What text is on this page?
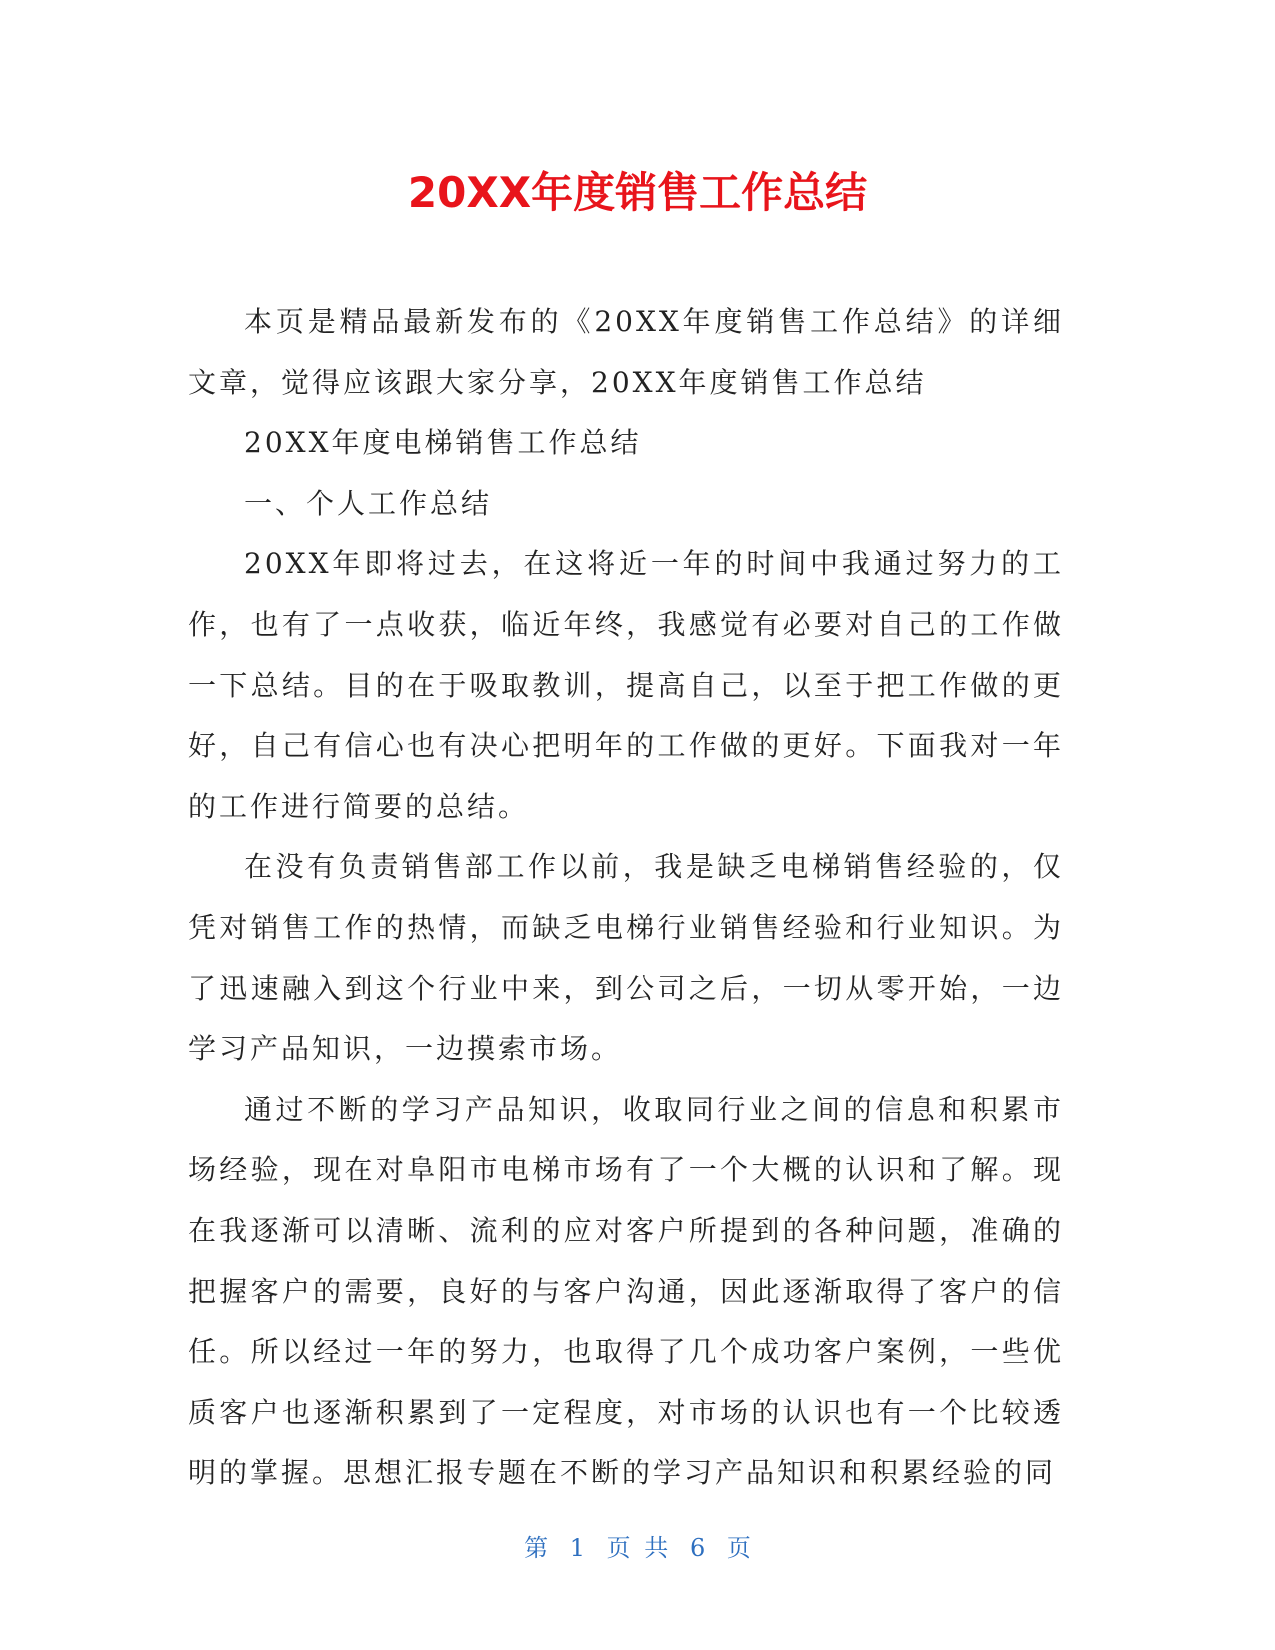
20XX年度销售工作总结

本页是精品最新发布的《20XX年度销售工作总结》的详细文章，觉得应该跟大家分享，20XX年度销售工作总结

20XX年度电梯销售工作总结

一、个人工作总结

20XX年即将过去，在这将近一年的时间中我通过努力的工作，也有了一点收获，临近年终，我感觉有必要对自己的工作做一下总结。目的在于吸取教训，提高自己，以至于把工作做的更好，自己有信心也有决心把明年的工作做的更好。下面我对一年的工作进行简要的总结。

在没有负责销售部工作以前，我是缺乏电梯销售经验的，仅凭对销售工作的热情，而缺乏电梯行业销售经验和行业知识。为了迅速融入到这个行业中来，到公司之后，一切从零开始，一边学习产品知识，一边摸索市场。

通过不断的学习产品知识，收取同行业之间的信息和积累市场经验，现在对阜阳市电梯市场有了一个大概的认识和了解。现在我逐渐可以清晰、流利的应对客户所提到的各种问题，准确的把握客户的需要，良好的与客户沟通，因此逐渐取得了客户的信任。所以经过一年的努力，也取得了几个成功客户案例，一些优质客户也逐渐积累到了一定程度，对市场的认识也有一个比较透明的掌握。思想汇报专题在不断的学习产品知识和积累经验的同

第 1 页 共 6 页
